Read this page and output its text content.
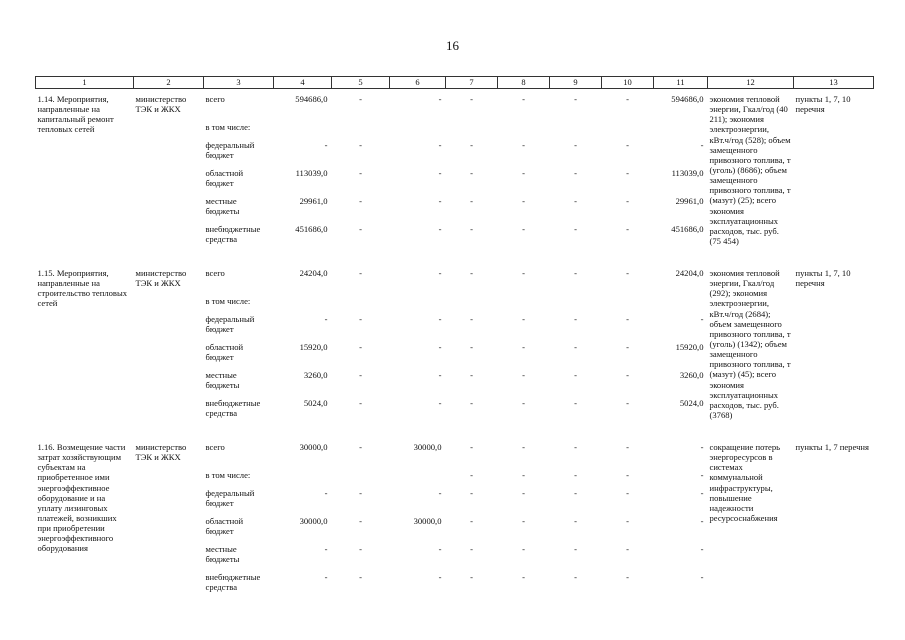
16
1	2	3	4	5	6	7	8	9	10	11	12	13
1.14. Мероприятия, направленные на капитальный ремонт тепловых сетей	министерство ТЭК и ЖКХ	всего	594686,0	-	-	-	-	-	-	594686,0	экономия тепловой энергии, Гкал/год (40 211); экономия электроэнергии, кВт.ч/год (528); объем замещенного привозного топлива, т (уголь) (8686); объем замещенного привозного топлива, т (мазут) (25); всего экономия эксплуатационных расходов, тыс. руб. (75 454)	пункты 1, 7, 10 перечня
		в том числе:										
		федеральный бюджет	-	-	-	-	-	-	-	-		
		областной бюджет	113039,0	-	-	-	-	-	-	113039,0		
		местные бюджеты	29961,0	-	-	-	-	-	-	29961,0		
		внебюджетные средства	451686,0	-	-	-	-	-	-	451686,0		

1.15. Мероприятия, направленные на строительство тепловых сетей	министерство ТЭК и ЖКХ	всего	24204,0	-	-	-	-	-	-	24204,0	экономия тепловой энергии, Гкал/год (292); экономия электроэнергии, кВт.ч/год (2684); объем замещенного привозного топлива, т (уголь) (1342); объем замещенного привозного топлива, т (мазут) (45); всего экономия эксплуатационных расходов, тыс. руб. (3768)	пункты 1, 7, 10 перечня
		в том числе:										
		федеральный бюджет	-	-	-	-	-	-	-	-		
		областной бюджет	15920,0	-	-	-	-	-	-	15920,0		
		местные бюджеты	3260,0	-	-	-	-	-	-	3260,0		
		внебюджетные средства	5024,0	-	-	-	-	-	-	5024,0		

1.16. Возмещение части затрат хозяйствующим субъектам на приобретенное ими энергоэффективное оборудование и на уплату лизинговых платежей, возникших при приобретении энергоэффективного оборудования	министерство ТЭК и ЖКХ	всего	30000,0	-	30000,0	-	-	-	-	-	сокращение потерь энергоресурсов в системах коммунальной инфраструктуры, повышение надежности ресурсоснабжения	пункты 1, 7 перечня
		в том числе:				-	-	-	-	-		
		федеральный бюджет	-	-	-	-	-	-	-	-		
		областной бюджет	30000,0	-	30000,0	-	-	-	-	-		
		местные бюджеты	-	-	-	-	-	-	-	-		
		внебюджетные средства	-	-	-	-	-	-	-	-		
